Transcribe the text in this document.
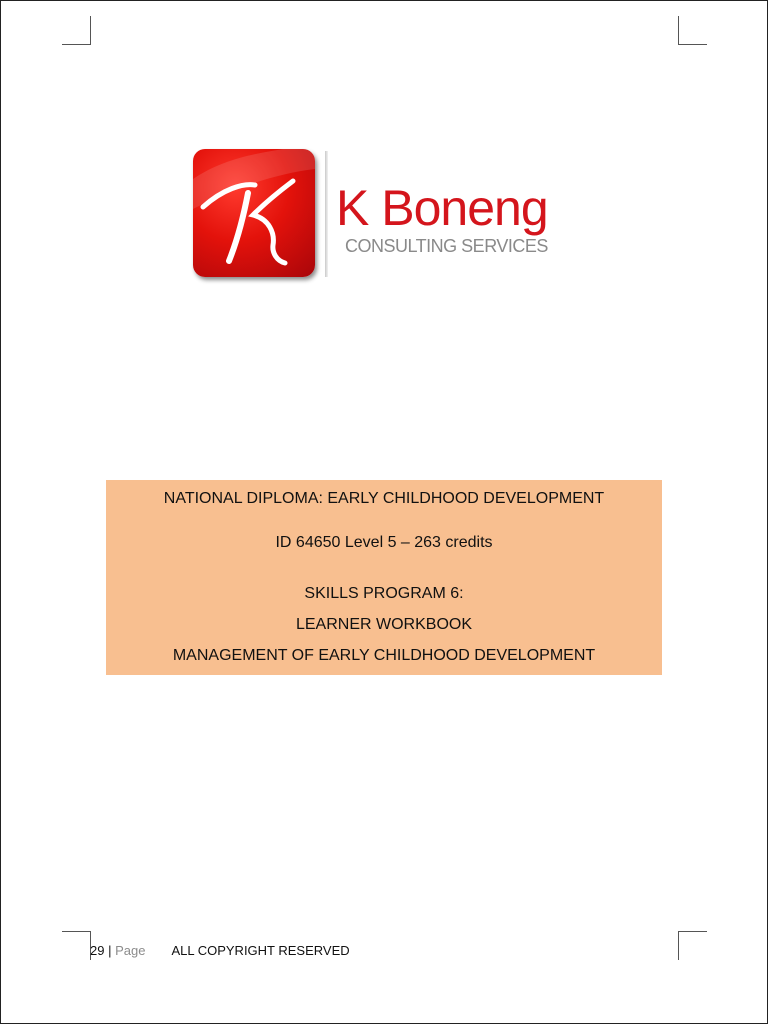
K Boneng
CONSULTING SERVICES
NATIONAL DIPLOMA: EARLY CHILDHOOD DEVELOPMENT
ID 64650 Level 5 – 263 credits
SKILLS PROGRAM 6:
LEARNER WORKBOOK
MANAGEMENT OF EARLY CHILDHOOD DEVELOPMENT
29 | Page ALL COPYRIGHT RESERVED
